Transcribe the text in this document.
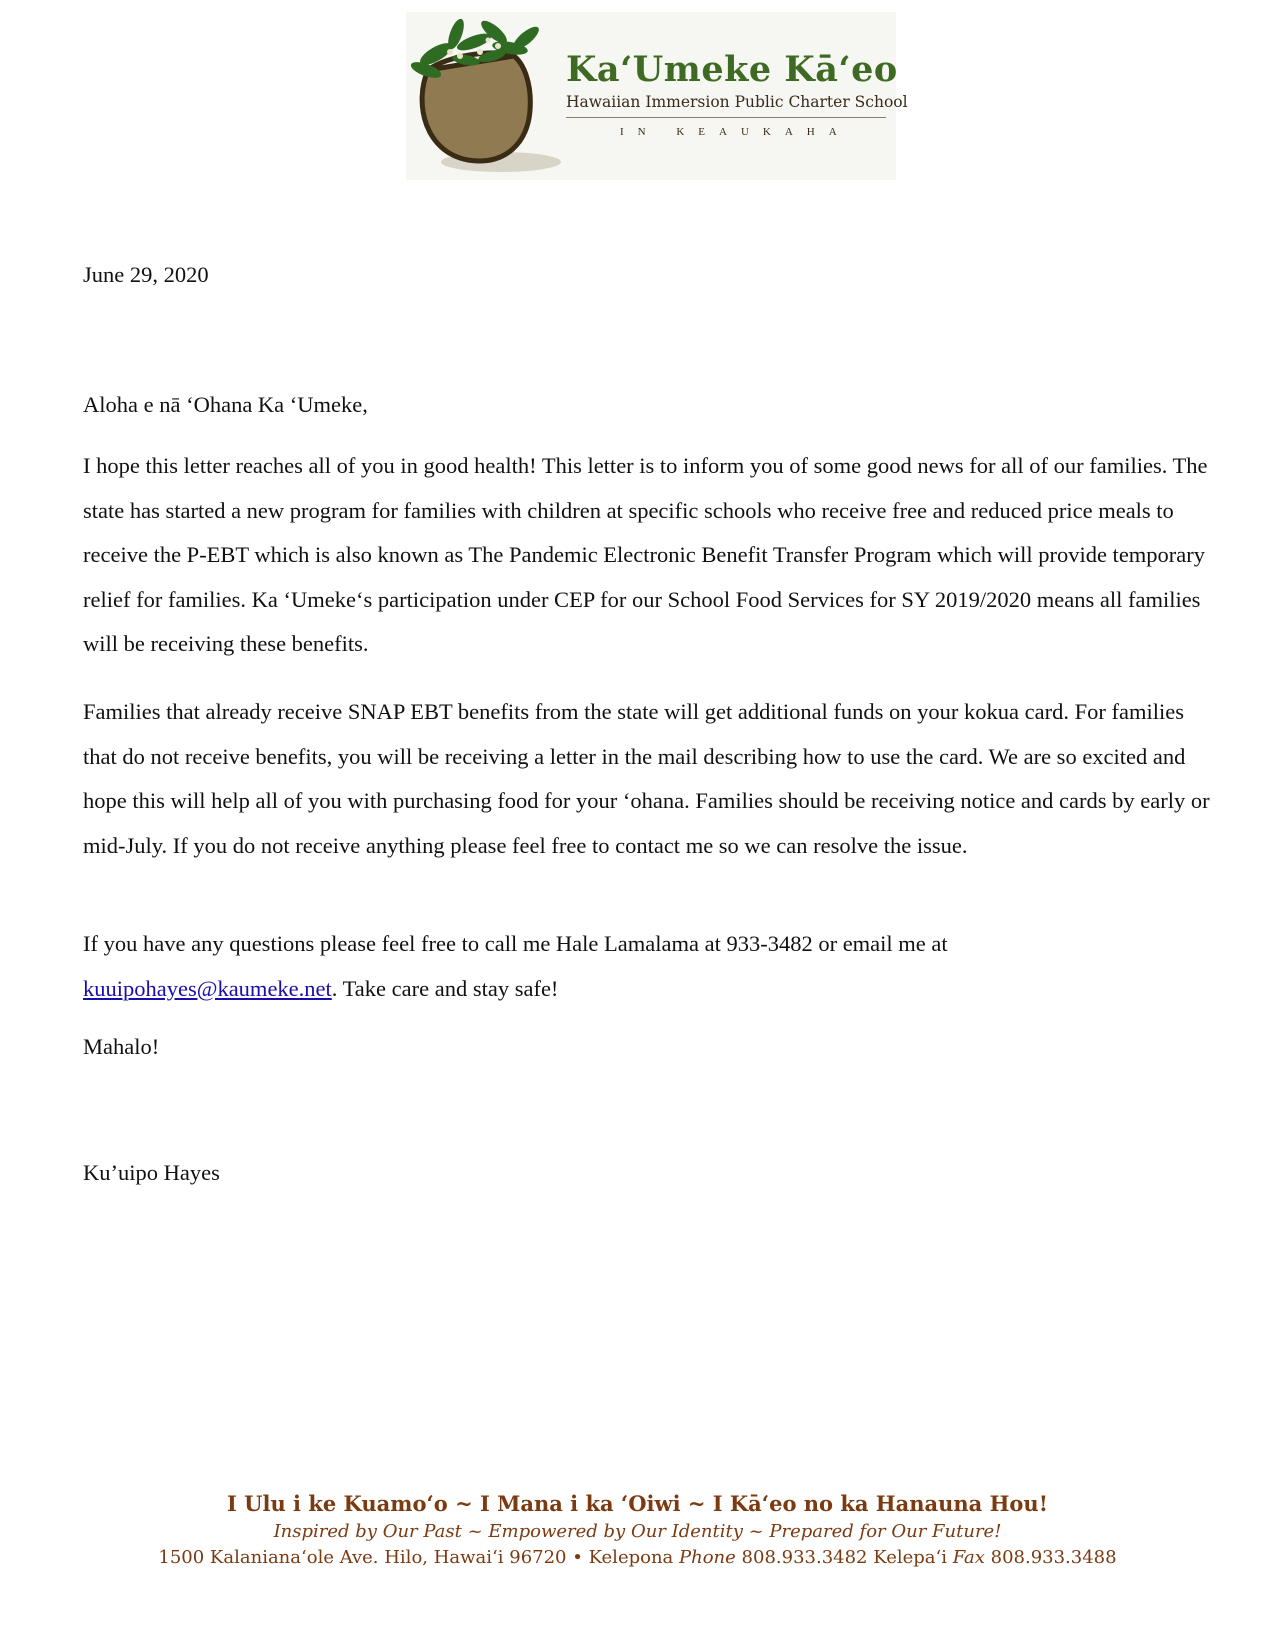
Ka‘Umeke Kā‘eo
Hawaiian Immersion Public Charter School
IN KEAUKAHA
June 29, 2020
Aloha e nā ‘Ohana Ka ‘Umeke,

I hope this letter reaches all of you in good health! This letter is to inform you of some good news for all of our families. The state has started a new program for families with children at specific schools who receive free and reduced price meals to receive the P-EBT which is also known as The Pandemic Electronic Benefit Transfer Program which will provide temporary relief for families. Ka ‘Umeke‘s participation under CEP for our School Food Services for SY 2019/2020 means all families will be receiving these benefits.

Families that already receive SNAP EBT benefits from the state will get additional funds on your kokua card. For families that do not receive benefits, you will be receiving a letter in the mail describing how to use the card. We are so excited and hope this will help all of you with purchasing food for your ‘ohana. Families should be receiving notice and cards by early or mid-July. If you do not receive anything please feel free to contact me so we can resolve the issue.

If you have any questions please feel free to call me Hale Lamalama at 933-3482 or email me at
kuuipohayes@kaumeke.net. Take care and stay safe!

Mahalo!
Ku’uipo Hayes
I Ulu i ke Kuamo‘o ~ I Mana i ka ‘Oiwi ~ I Kā‘eo no ka Hanauna Hou!
Inspired by Our Past ~ Empowered by Our Identity ~ Prepared for Our Future!
1500 Kalanianaʻole Ave. Hilo, Hawai‘i 96720 • Kelepona Phone 808.933.3482 Kelepa‘i Fax 808.933.3488
